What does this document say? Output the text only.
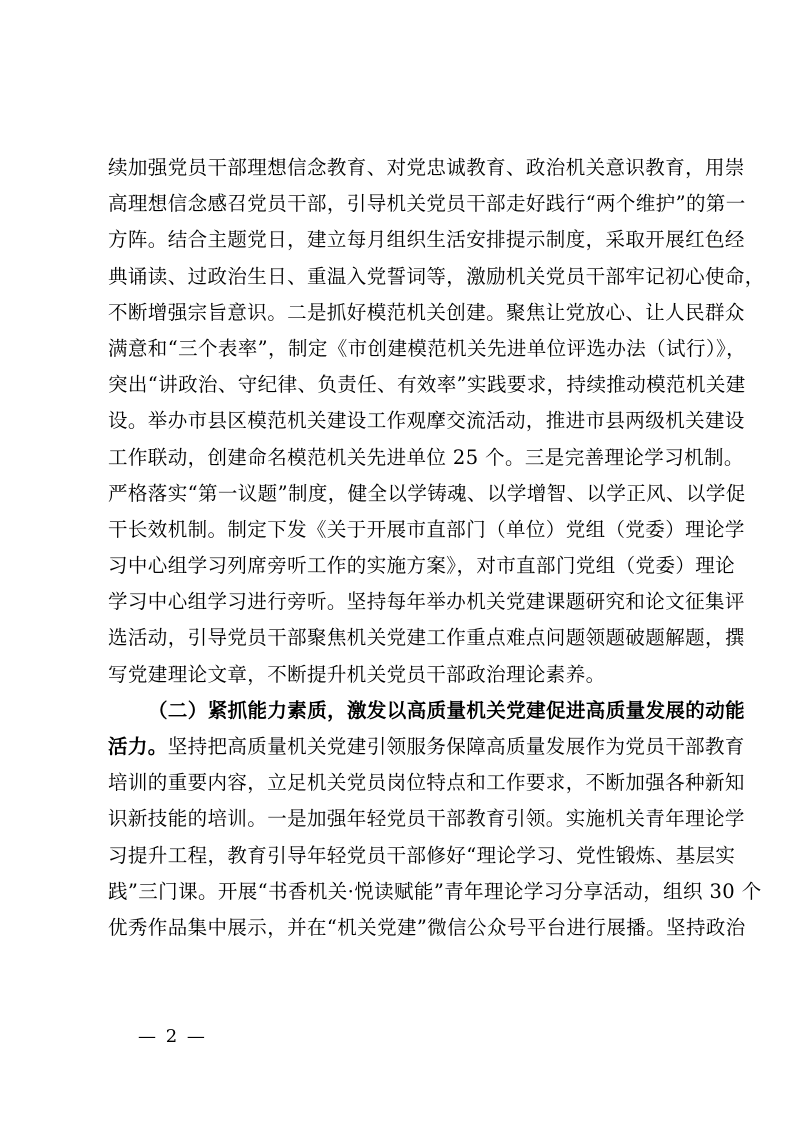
续加强党员干部理想信念教育、对党忠诚教育、政治机关意识教育，用崇
高理想信念感召党员干部，引导机关党员干部走好践行“两个维护”的第一
方阵。结合主题党日，建立每月组织生活安排提示制度，采取开展红色经
典诵读、过政治生日、重温入党誓词等，激励机关党员干部牢记初心使命，
不断增强宗旨意识。二是抓好模范机关创建。聚焦让党放心、让人民群众
满意和“三个表率”，制定《市创建模范机关先进单位评选办法（试行）》，
突出“讲政治、守纪律、负责任、有效率”实践要求，持续推动模范机关建
设。举办市县区模范机关建设工作观摩交流活动，推进市县两级机关建设
工作联动，创建命名模范机关先进单位 25 个。三是完善理论学习机制。
严格落实“第一议题”制度，健全以学铸魂、以学增智、以学正风、以学促
干长效机制。制定下发《关于开展市直部门（单位）党组（党委）理论学
习中心组学习列席旁听工作的实施方案》，对市直部门党组（党委）理论
学习中心组学习进行旁听。坚持每年举办机关党建课题研究和论文征集评
选活动，引导党员干部聚焦机关党建工作重点难点问题领题破题解题，撰
写党建理论文章，不断提升机关党员干部政治理论素养。
（二）紧抓能力素质，激发以高质量机关党建促进高质量发展的动能
活力。坚持把高质量机关党建引领服务保障高质量发展作为党员干部教育
培训的重要内容，立足机关党员岗位特点和工作要求，不断加强各种新知
识新技能的培训。一是加强年轻党员干部教育引领。实施机关青年理论学
习提升工程，教育引导年轻党员干部修好“理论学习、党性锻炼、基层实
践”三门课。开展“书香机关·悦读赋能”青年理论学习分享活动，组织 30 个
优秀作品集中展示，并在“机关党建”微信公众号平台进行展播。坚持政治
— 2 —
